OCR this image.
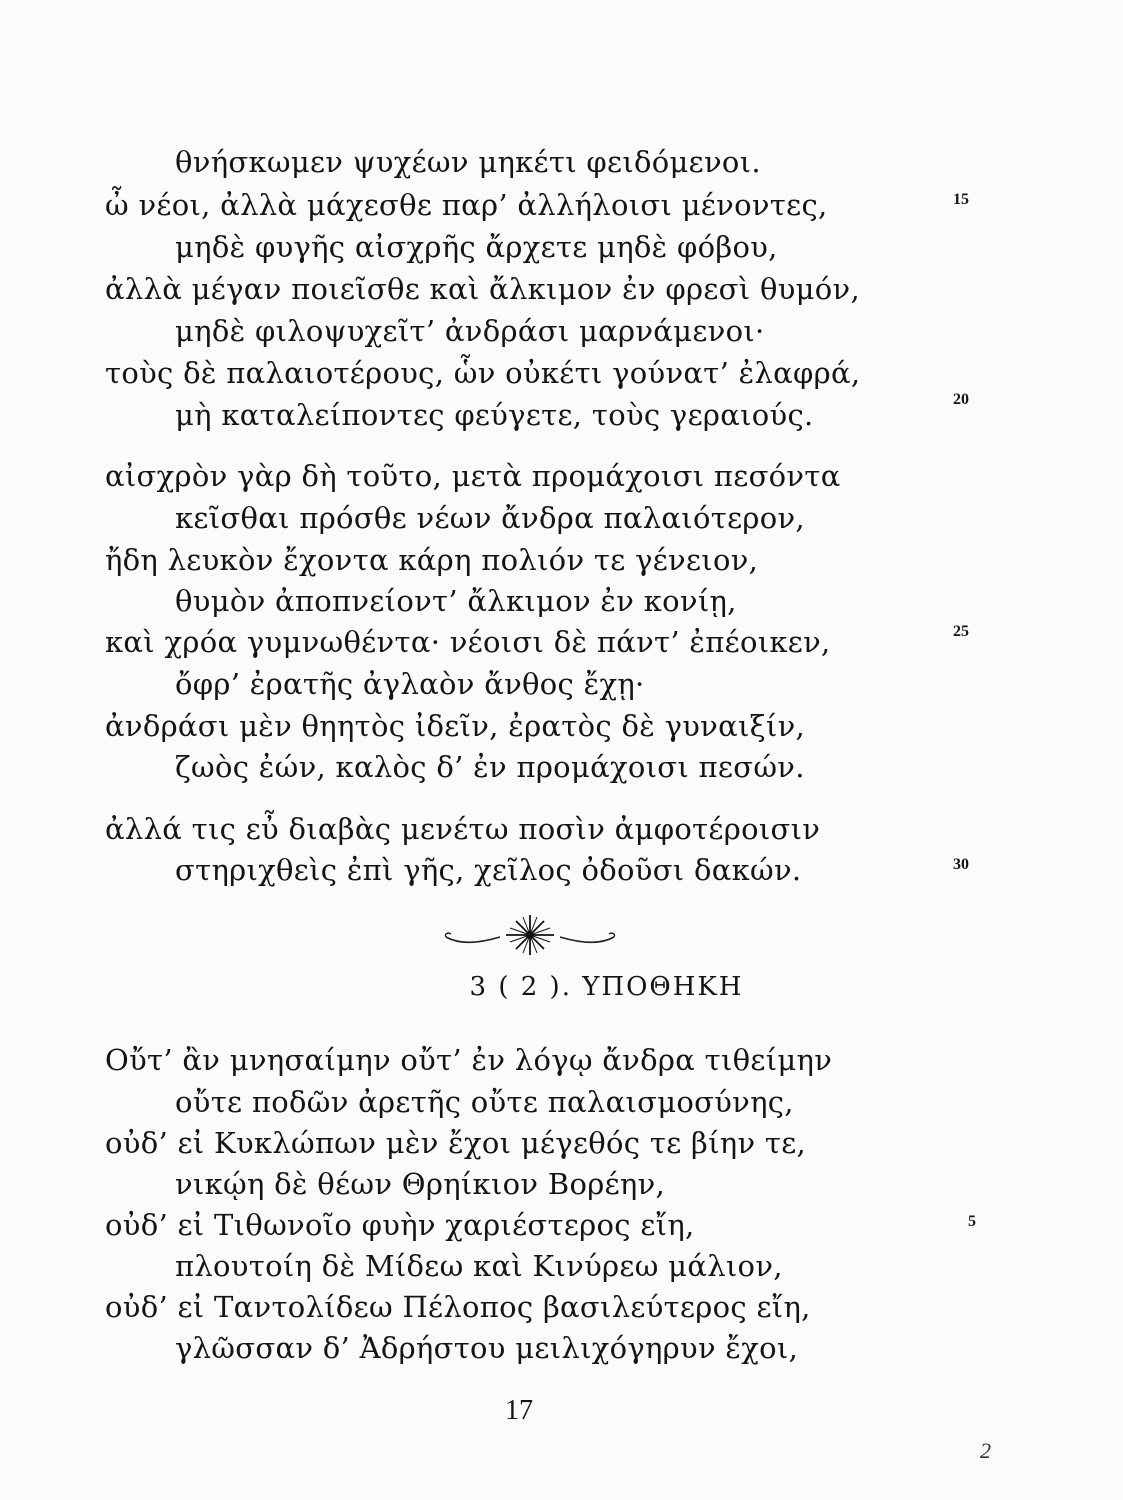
θνήσκωμεν ψυχέων μηκέτι φειδόμενοι.
ὦ νέοι, ἀλλὰ μάχεσθε παρ’ ἀλλήλοισι μένοντες,
μηδὲ φυγῆς αἰσχρῆς ἄρχετε μηδὲ φόβου,
ἀλλὰ μέγαν ποιεῖσθε καὶ ἄλκιμον ἐν φρεσὶ θυμόν,
μηδὲ φιλοψυχεῖτ’ ἀνδράσι μαρνάμενοι·
τοὺς δὲ παλαιοτέρους, ὧν οὐκέτι γούνατ’ ἐλαφρά,
μὴ καταλείποντες φεύγετε, τοὺς γεραιούς.
αἰσχρὸν γὰρ δὴ τοῦτο, μετὰ προμάχοισι πεσόντα
κεῖσθαι πρόσθε νέων ἄνδρα παλαιότερον,
ἤδη λευκὸν ἔχοντα κάρη πολιόν τε γένειον,
θυμὸν ἀποπνείοντ’ ἄλκιμον ἐν κονίῃ,
καὶ χρόα γυμνωθέντα· νέοισι δὲ πάντ’ ἐπέοικεν,
ὄφρ’ ἐρατῆς ἀγλαὸν ἄνθος ἔχῃ·
ἀνδράσι μὲν θηητὸς ἰδεῖν, ἐρατὸς δὲ γυναιξίν,
ζωὸς ἐών, καλὸς δ’ ἐν προμάχοισι πεσών.
ἀλλά τις εὖ διαβὰς μενέτω ποσὶν ἀμφοτέροισιν
στηριχθεὶς ἐπὶ γῆς, χεῖλος ὀδοῦσι δακών.
15
20
25
30
3 ( 2 ). ΥΠΟΘΗΚΗ
Οὔτ’ ἂν μνησαίμην οὔτ’ ἐν λόγῳ ἄνδρα τιθείμην
οὔτε ποδῶν ἀρετῆς οὔτε παλαισμοσύνης,
οὐδ’ εἰ Κυκλώπων μὲν ἔχοι μέγεθός τε βίην τε,
νικῴη δὲ θέων Θρηίκιον Βορέην,
οὐδ’ εἰ Τιθωνοῖο φυὴν χαριέστερος εἴη,
πλουτοίη δὲ Μίδεω καὶ Κινύρεω μάλιον,
οὐδ’ εἰ Ταντολίδεω Πέλοπος βασιλεύτερος εἴη,
γλῶσσαν δ’ Ἀδρήστου μειλιχόγηρυν ἔχοι,
5
17
2
